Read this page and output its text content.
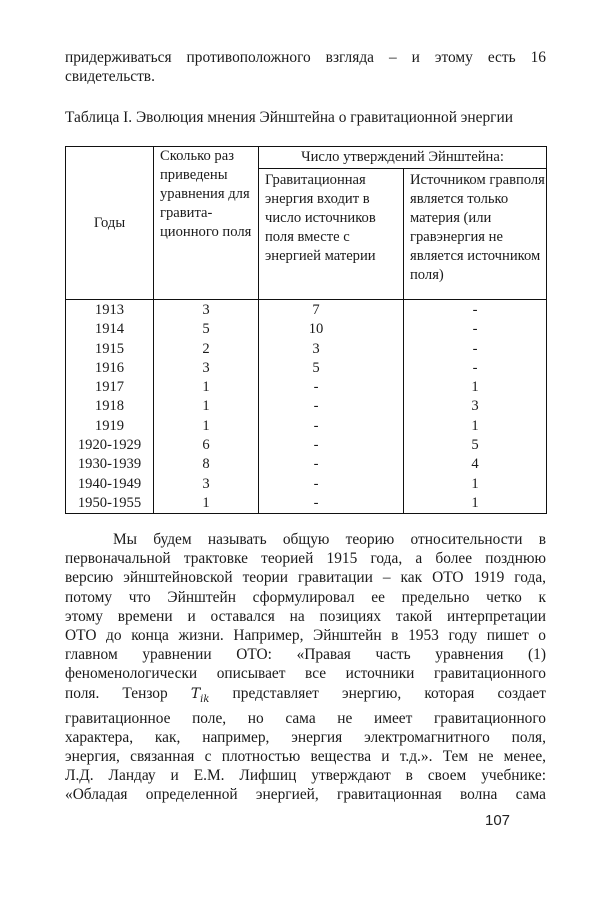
придерживаться противоположного взгляда – и этому есть 16
свидетельств.
Таблица I. Эволюция мнения Эйнштейна о гравитационной энергии
Годы	Сколько раз приведены уравнения для гравита-ционного поля	Число утверждений Эйнштейна:	
		Гравитационная энергия входит в число источников поля вместе с энергией материи	Источником гравполя является только материя (или гравэнергия не является источником поля)
1913	3	7	-
1914	5	10	-
1915	2	3	-
1916	3	5	-
1917	1	-	1
1918	1	-	3
1919	1	-	1
1920-1929	6	-	5
1930-1939	8	-	4
1940-1949	3	-	1
1950-1955	1	-	1
Мы будем называть общую теорию относительности в
первоначальной трактовке теорией 1915 года, а более позднюю
версию эйнштейновской теории гравитации – как ОТО 1919 года,
потому что Эйнштейн сформулировал ее предельно четко к
этому времени и оставался на позициях такой интерпретации
ОТО до конца жизни. Например, Эйнштейн в 1953 году пишет о
главном уравнении ОТО: «Правая часть уравнения (1)
феноменологически описывает все источники гравитационного
поля. Тензор $T_{ik}$ представляет энергию, которая создает
гравитационное поле, но сама не имеет гравитационного
характера, как, например, энергия электромагнитного поля,
энергия, связанная с плотностью вещества и т.д.». Тем не менее,
Л.Д. Ландау и Е.М. Лифшиц утверждают в своем учебнике:
«Обладая определенной энергией, гравитационная волна сама
107
